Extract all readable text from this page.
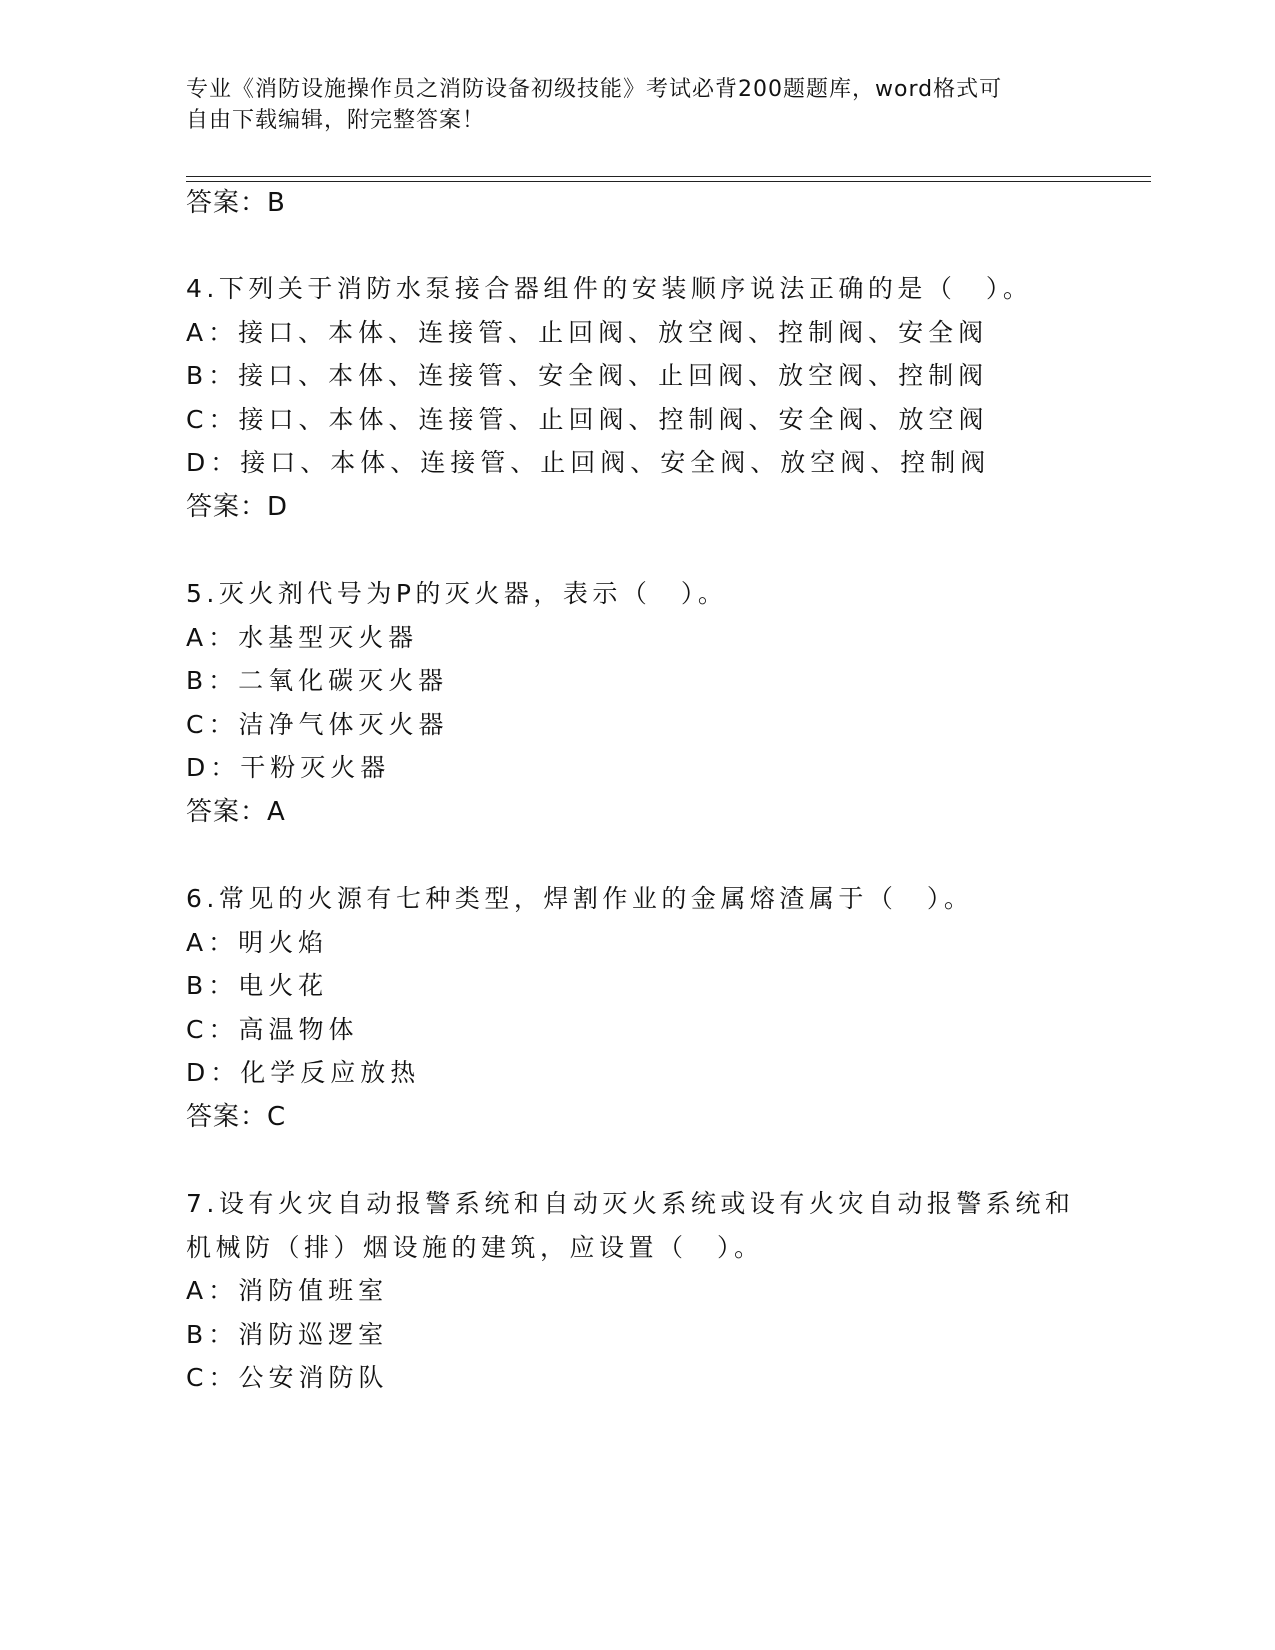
专业《消防设施操作员之消防设备初级技能》考试必背200题题库，word格式可
自由下载编辑，附完整答案！
答案：B
4.下列关于消防水泵接合器组件的安装顺序说法正确的是（　）。
A：接口、本体、连接管、止回阀、放空阀、控制阀、安全阀
B：接口、本体、连接管、安全阀、止回阀、放空阀、控制阀
C：接口、本体、连接管、止回阀、控制阀、安全阀、放空阀
D：接口、本体、连接管、止回阀、安全阀、放空阀、控制阀
答案：D
5.灭火剂代号为P的灭火器，表示（　）。
A：水基型灭火器
B：二氧化碳灭火器
C：洁净气体灭火器
D：干粉灭火器
答案：A
6.常见的火源有七种类型，焊割作业的金属熔渣属于（　）。
A：明火焰
B：电火花
C：高温物体
D：化学反应放热
答案：C
7.设有火灾自动报警系统和自动灭火系统或设有火灾自动报警系统和
机械防（排）烟设施的建筑，应设置（　）。
A：消防值班室
B：消防巡逻室
C：公安消防队
